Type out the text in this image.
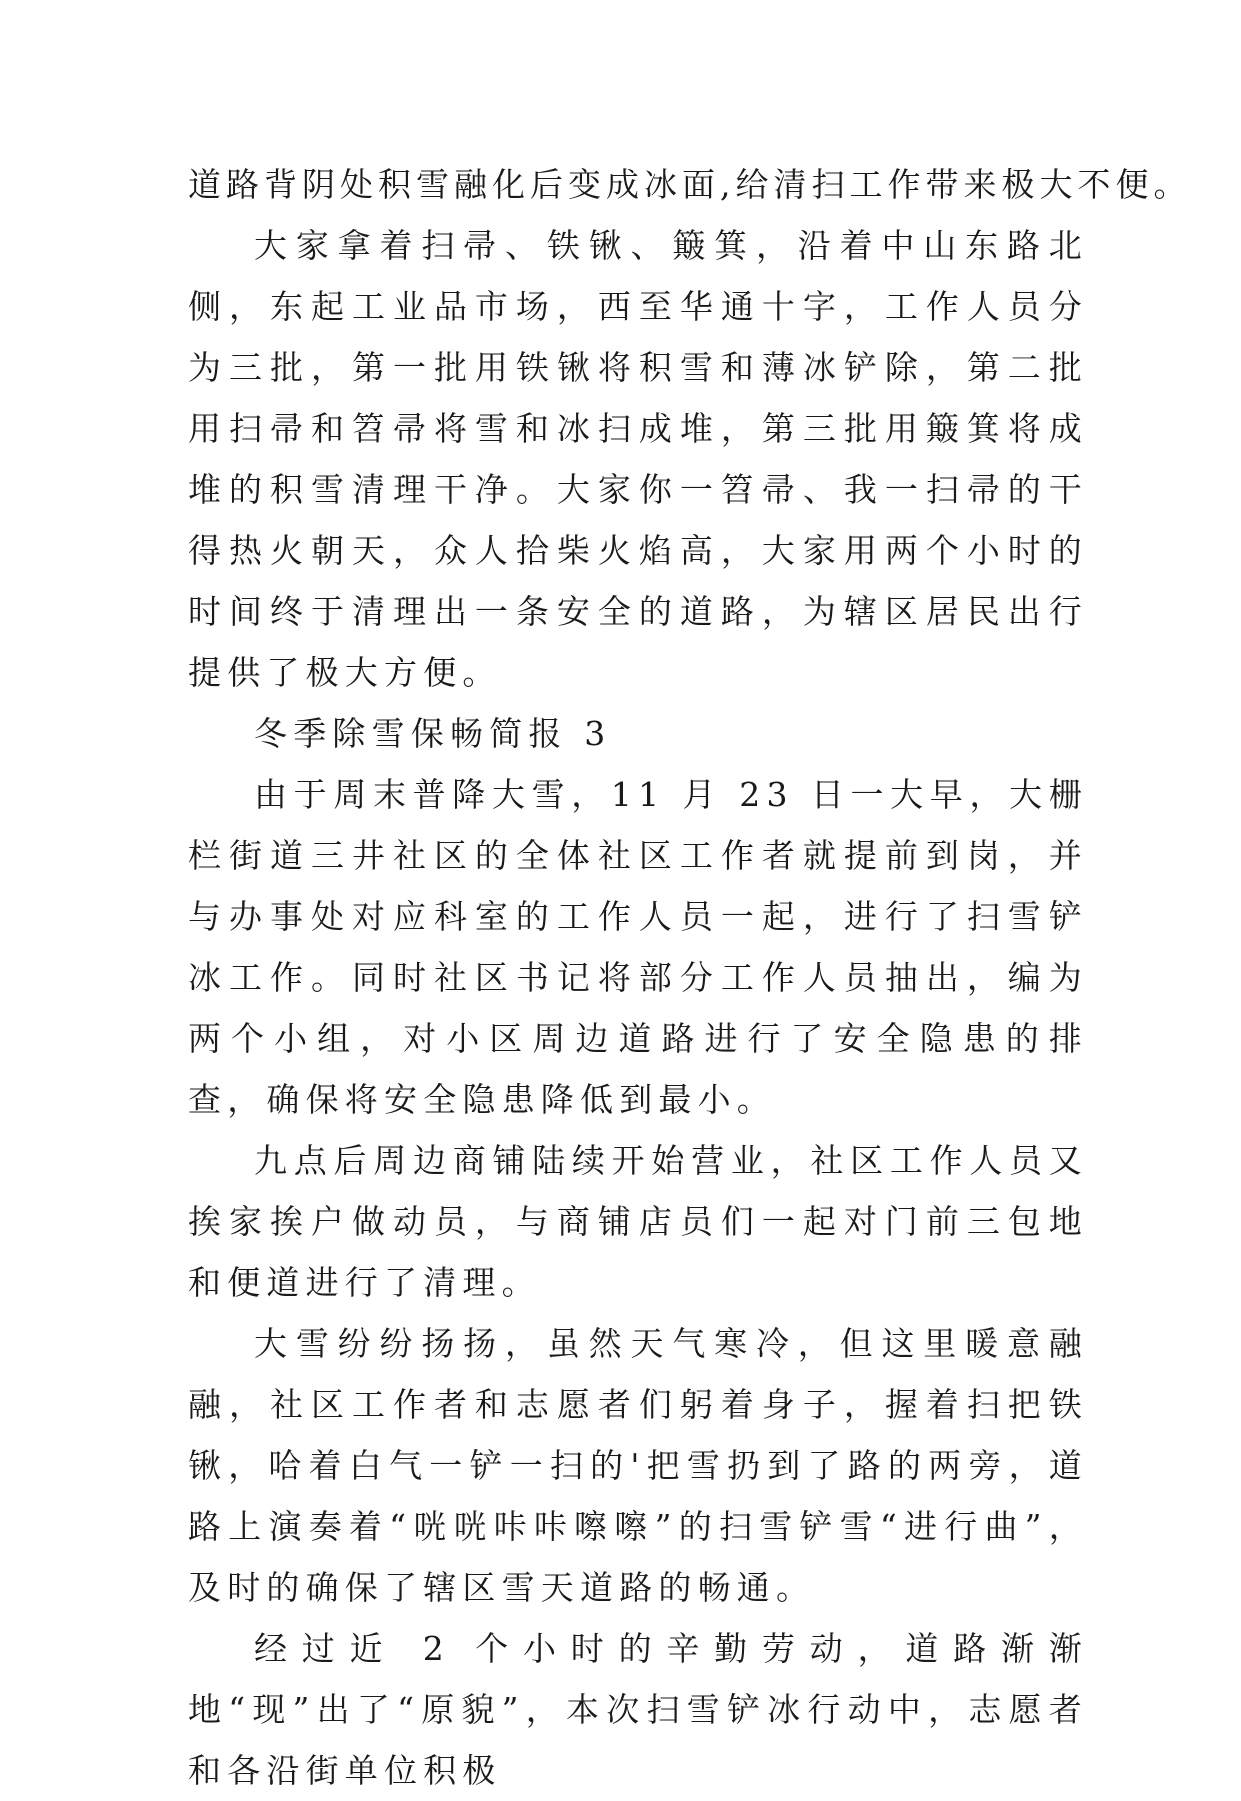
道路背阴处积雪融化后变成冰面,给清扫工作带来极大不便。

大家拿着扫帚、铁锹、簸箕，沿着中山东路北侧，东起工业品市场，西至华通十字，工作人员分为三批，第一批用铁锹将积雪和薄冰铲除，第二批用扫帚和笤帚将雪和冰扫成堆，第三批用簸箕将成堆的积雪清理干净。大家你一笤帚、我一扫帚的干得热火朝天，众人拾柴火焰高，大家用两个小时的时间终于清理出一条安全的道路，为辖区居民出行提供了极大方便。

冬季除雪保畅简报 3

由于周末普降大雪，11 月 23 日一大早，大栅栏街道三井社区的全体社区工作者就提前到岗，并与办事处对应科室的工作人员一起，进行了扫雪铲冰工作。同时社区书记将部分工作人员抽出，编为两个小组，对小区周边道路进行了安全隐患的排查，确保将安全隐患降低到最小。

九点后周边商铺陆续开始营业，社区工作人员又挨家挨户做动员，与商铺店员们一起对门前三包地和便道进行了清理。

大雪纷纷扬扬，虽然天气寒冷，但这里暖意融融，社区工作者和志愿者们躬着身子，握着扫把铁锹，哈着白气一铲一扫的'把雪扔到了路的两旁，道路上演奏着“咣咣咔咔嚓嚓”的扫雪铲雪“进行曲”，及时的确保了辖区雪天道路的畅通。

经过近 2 个小时的辛勤劳动，道路渐渐地“现”出了“原貌”，本次扫雪铲冰行动中，志愿者和各沿街单位积极
